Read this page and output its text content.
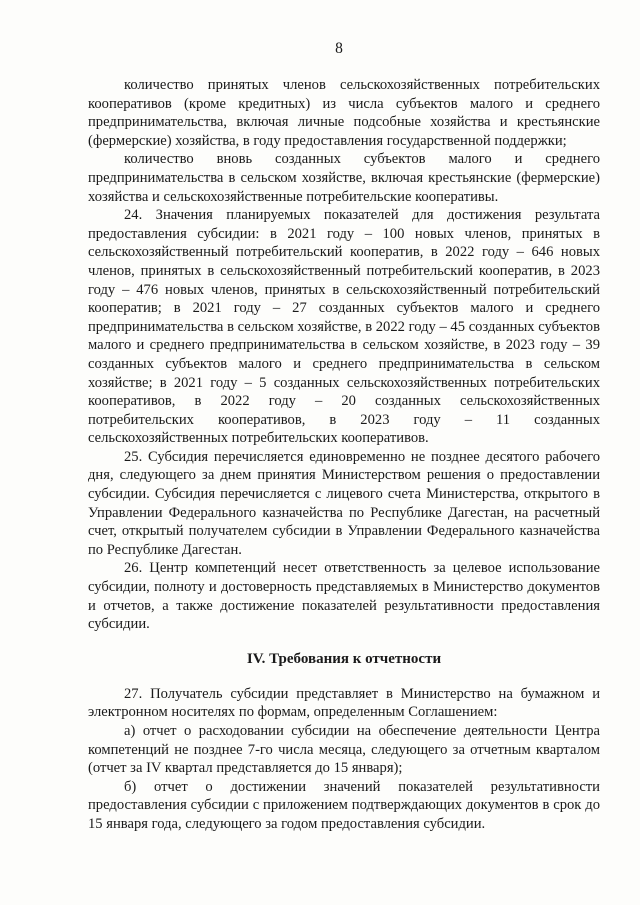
8

количество принятых членов сельскохозяйственных потребительских кооперативов (кроме кредитных) из числа субъектов малого и среднего предпринимательства, включая личные подсобные хозяйства и крестьянские (фермерские) хозяйства, в году предоставления государственной поддержки;

количество вновь созданных субъектов малого и среднего предпринимательства в сельском хозяйстве, включая крестьянские (фермерские) хозяйства и сельскохозяйственные потребительские кооперативы.

24. Значения планируемых показателей для достижения результата предоставления субсидии: в 2021 году – 100 новых членов, принятых в сельскохозяйственный потребительский кооператив, в 2022 году – 646 новых членов, принятых в сельскохозяйственный потребительский кооператив, в 2023 году – 476 новых членов, принятых в сельскохозяйственный потребительский кооператив; в 2021 году – 27 созданных субъектов малого и среднего предпринимательства в сельском хозяйстве, в 2022 году – 45 созданных субъектов малого и среднего предпринимательства в сельском хозяйстве, в 2023 году – 39 созданных субъектов малого и среднего предпринимательства в сельском хозяйстве; в 2021 году – 5 созданных сельскохозяйственных потребительских кооперативов, в 2022 году – 20 созданных сельскохозяйственных потребительских кооперативов, в 2023 году – 11 созданных сельскохозяйственных потребительских кооперативов.

25. Субсидия перечисляется единовременно не позднее десятого рабочего дня, следующего за днем принятия Министерством решения о предоставлении субсидии. Субсидия перечисляется с лицевого счета Министерства, открытого в Управлении Федерального казначейства по Республике Дагестан, на расчетный счет, открытый получателем субсидии в Управлении Федерального казначейства по Республике Дагестан.

26. Центр компетенций несет ответственность за целевое использование субсидии, полноту и достоверность представляемых в Министерство документов и отчетов, а также достижение показателей результативности предоставления субсидии.

IV. Требования к отчетности

27. Получатель субсидии представляет в Министерство на бумажном и электронном носителях по формам, определенным Соглашением:

а) отчет о расходовании субсидии на обеспечение деятельности Центра компетенций не позднее 7-го числа месяца, следующего за отчетным кварталом (отчет за IV квартал представляется до 15 января);

б) отчет о достижении значений показателей результативности предоставления субсидии с приложением подтверждающих документов в срок до 15 января года, следующего за годом предоставления субсидии.
